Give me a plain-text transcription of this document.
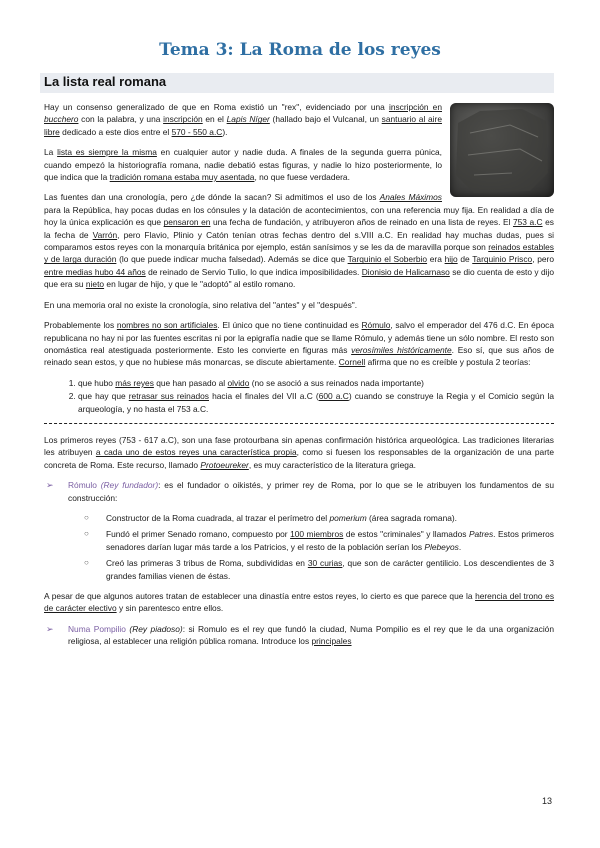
Tema 3: La Roma de los reyes
La lista real romana

Hay un consenso generalizado de que en Roma existió un "rex", evidenciado por una inscripción en bucchero con la palabra, y una inscripción en el Lapis Níger (hallado bajo el Vulcanal, un santuario al aire libre dedicado a este dios entre el 570 - 550 a.C).

La lista es siempre la misma en cualquier autor y nadie duda. A finales de la segunda guerra púnica, cuando empezó la historiografía romana, nadie debatió estas figuras, y nadie lo hizo posteriormente, lo que indica que la tradición romana estaba muy asentada, no que fuese verdadera.

Las fuentes dan una cronología, pero ¿de dónde la sacan? Si admitimos el uso de los Anales Máximos para la República, hay pocas dudas en los cónsules y la datación de acontecimientos, con una referencia muy fija. En realidad a día de hoy la única explicación es que pensaron en una fecha de fundación, y atribuyeron años de reinado en una lista de reyes. El 753 a.C es la fecha de Varrón, pero Flavio, Plinio y Catón tenían otras fechas dentro del s.VIII a.C. En realidad hay muchas dudas, pues si comparamos estos reyes con la monarquía británica por ejemplo, están sanísimos y se les da de maravilla porque son reinados estables y de larga duración (lo que puede indicar mucha falsedad). Además se dice que Tarquinio el Soberbio era hijo de Tarquinio Prisco, pero entre medias hubo 44 años de reinado de Servio Tulio, lo que indica imposibilidades. Dionisio de Halicarnaso se dio cuenta de esto y dijo que era su nieto en lugar de hijo, y que le "adoptó" al estilo romano.

En una memoria oral no existe la cronología, sino relativa del "antes" y el "después".

Probablemente los nombres no son artificiales. El único que no tiene continuidad es Rómulo, salvo el emperador del 476 d.C. En época republicana no hay ni por las fuentes escritas ni por la epigrafía nadie que se llame Rómulo, y además tiene un sólo nombre. El resto son onomástica real atestiguada posteriormente. Esto les convierte en figuras más verosímiles históricamente. Eso sí, que sus años de reinado sean estos, y que no hubiese más monarcas, se discute abiertamente. Cornell afirma que no es creíble y postula 2 teorías:

1. que hubo más reyes que han pasado al olvido (no se asoció a sus reinados nada importante)
2. que hay que retrasar sus reinados hacia el finales del VII a.C (600 a.C) cuando se construye la Regia y el Comicio según la arqueología, y no hasta el 753 a.C.

Los primeros reyes (753 - 617 a.C), son una fase protourbana sin apenas confirmación histórica arqueológica. Las tradiciones literarias les atribuyen a cada uno de estos reyes una característica propia, como si fuesen los responsables de la organización de una parte concreta de Roma. Este recurso, llamado Protoeureker, es muy característico de la literatura griega.

➢	Rómulo (Rey fundador): es el fundador o oikistés, y primer rey de Roma, por lo que se le atribuyen los fundamentos de su construcción:
○	Constructor de la Roma cuadrada, al trazar el perímetro del pomerium (área sagrada romana).
○	Fundó el primer Senado romano, compuesto por 100 miembros de estos "criminales" y llamados Patres. Estos primeros senadores darían lugar más tarde a los Patricios, y el resto de la población serían los Plebeyos.
○	Creó las primeras 3 tribus de Roma, subdivididas en 30 curias, que son de carácter gentilicio. Los descendientes de 3 grandes familias vienen de éstas.

A pesar de que algunos autores tratan de establecer una dinastía entre estos reyes, lo cierto es que parece que la herencia del trono es de carácter electivo y sin parentesco entre ellos.

➢	Numa Pompilio (Rey piadoso): si Romulo es el rey que fundó la ciudad, Numa Pompilio es el rey que le da una organización religiosa, al establecer una religión pública romana. Introduce los principales
13
